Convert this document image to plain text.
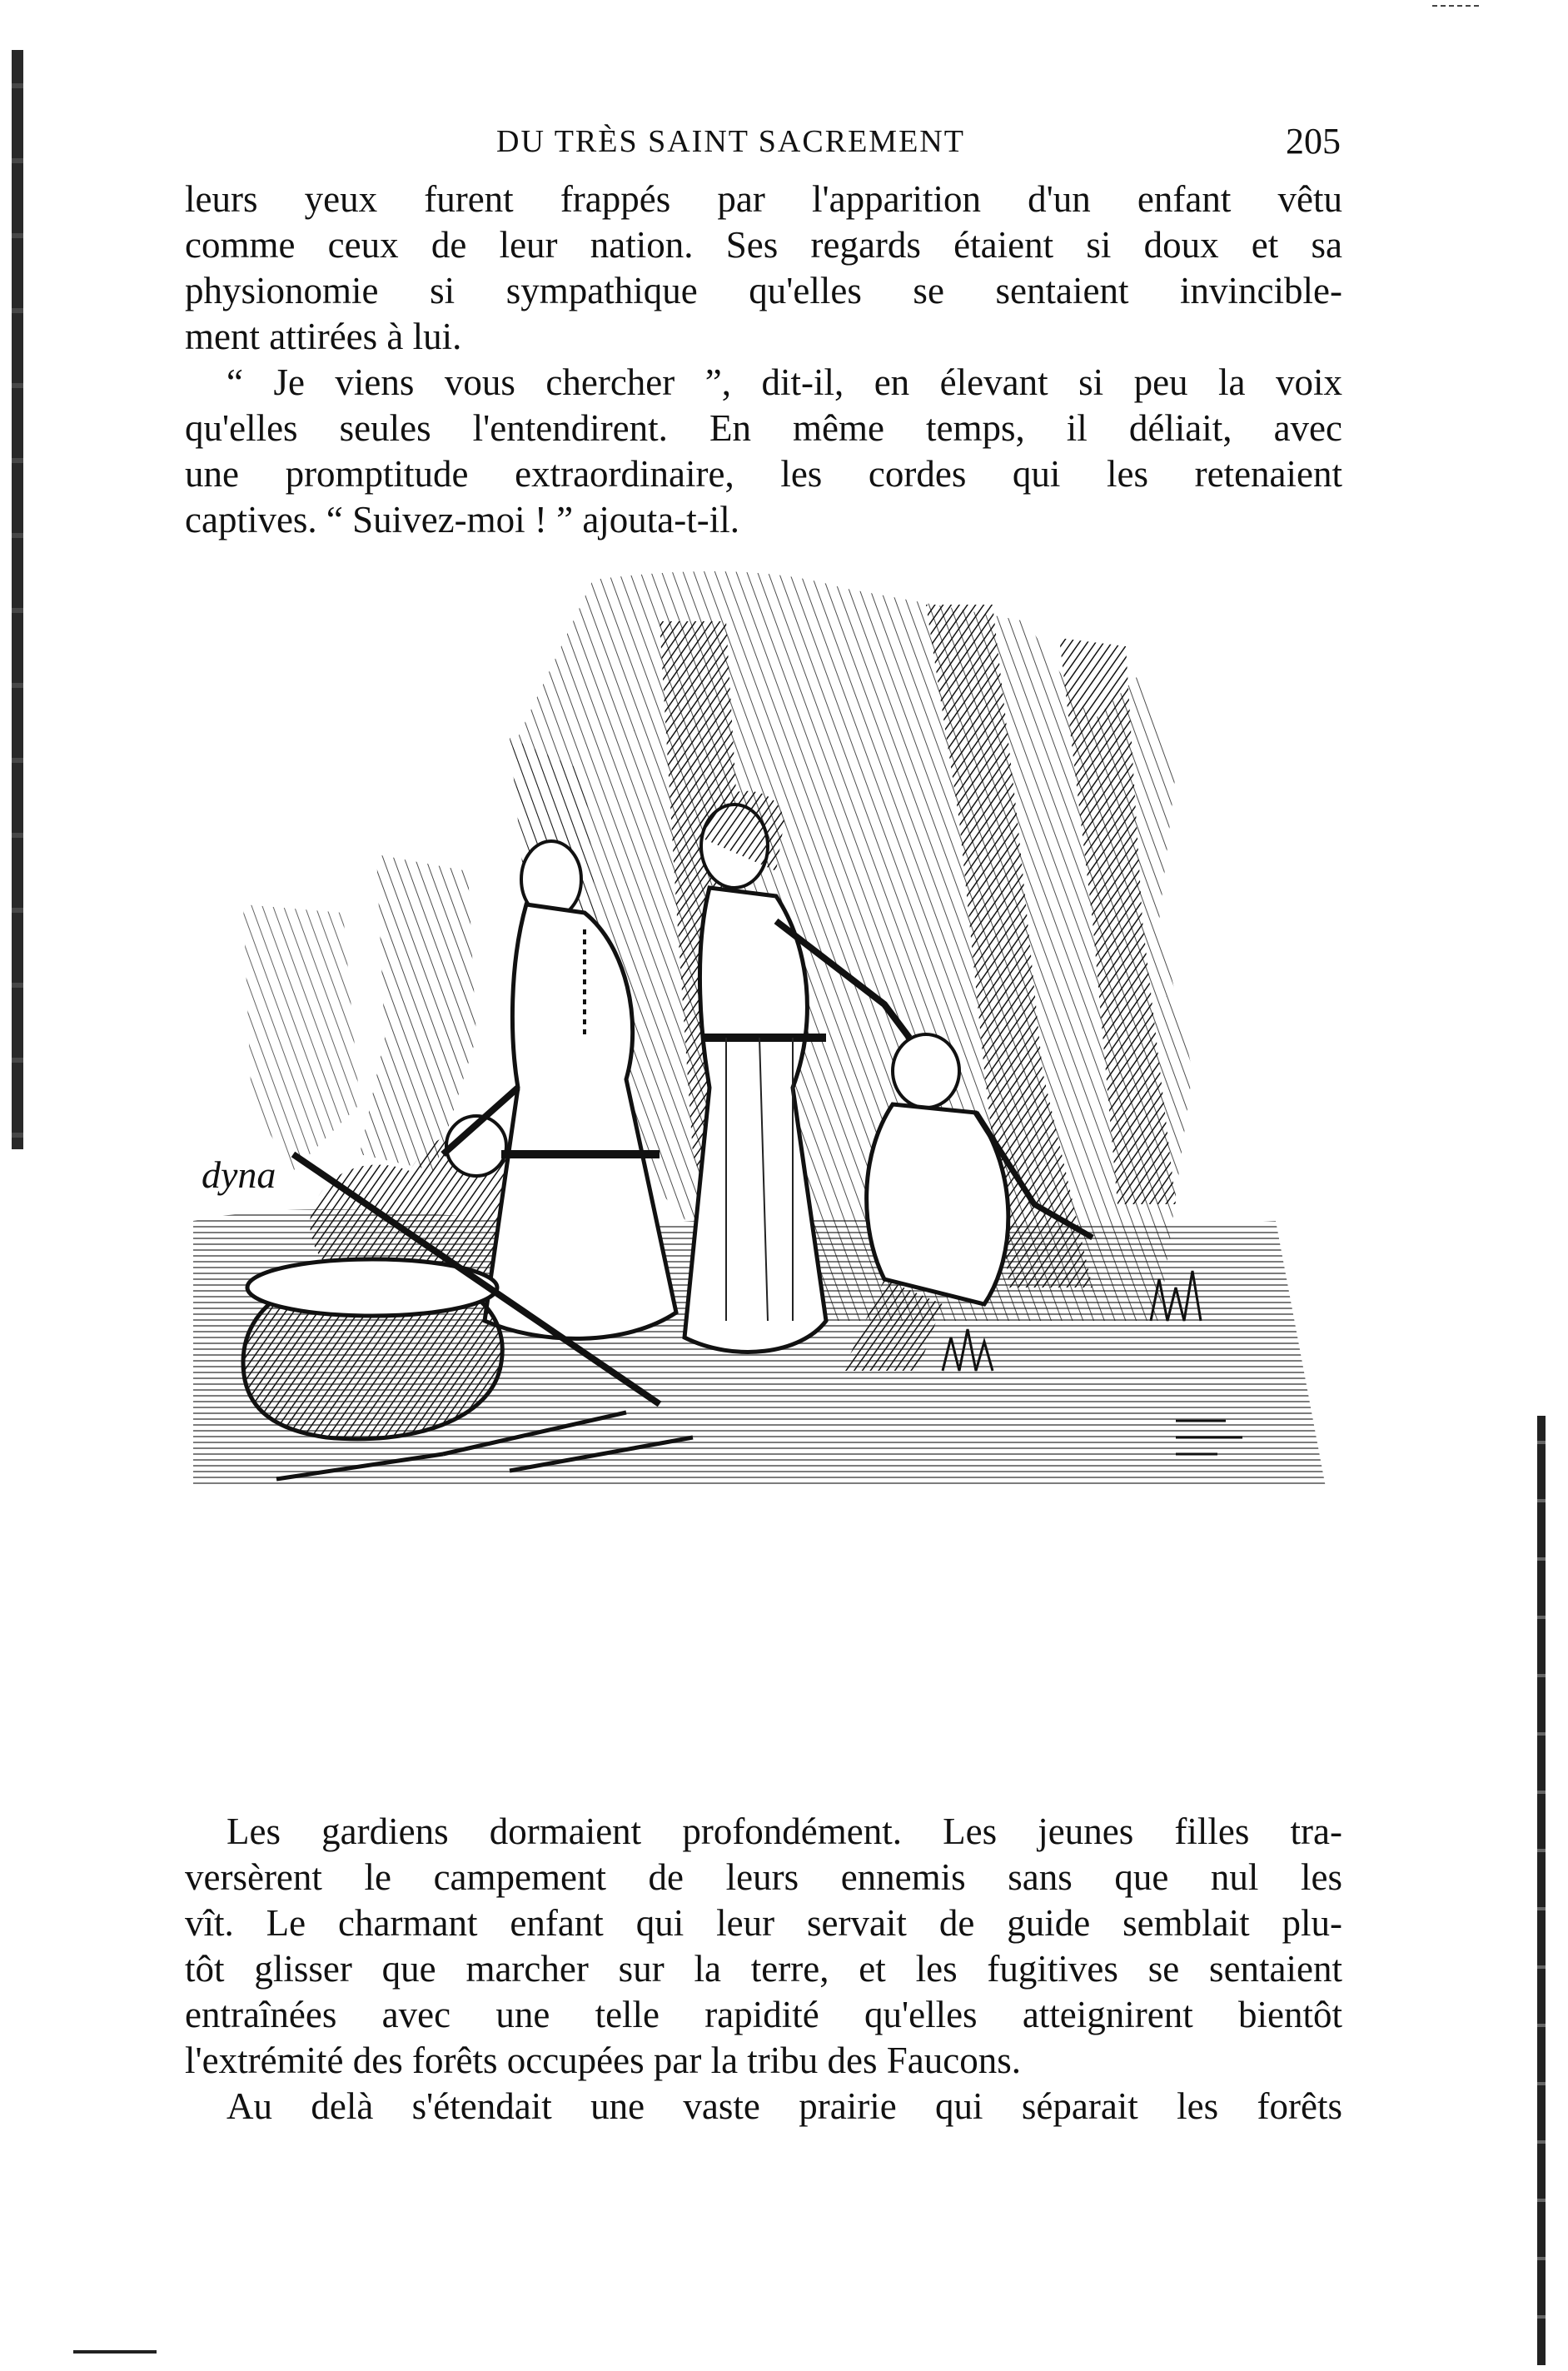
DU TRÈS SAINT SACREMENT	205
leurs yeux furent frappés par l'apparition d'un enfant vêtu
comme ceux de leur nation. Ses regards étaient si doux et sa
physionomie si sympathique qu'elles se sentaient invincible-
ment attirées à lui.
“ Je viens vous chercher ”, dit-il, en élevant si peu la voix
qu'elles seules l'entendirent. En même temps, il déliait, avec
une promptitude extraordinaire, les cordes qui les retenaient
captives. “ Suivez-moi ! ” ajouta-t-il.
dyna
Les gardiens dormaient profondément. Les jeunes filles tra-
versèrent le campement de leurs ennemis sans que nul les
vît. Le charmant enfant qui leur servait de guide semblait plu-
tôt glisser que marcher sur la terre, et les fugitives se sentaient
entraînées avec une telle rapidité qu'elles atteignirent bientôt
l'extrémité des forêts occupées par la tribu des Faucons.
Au delà s'étendait une vaste prairie qui séparait les forêts
